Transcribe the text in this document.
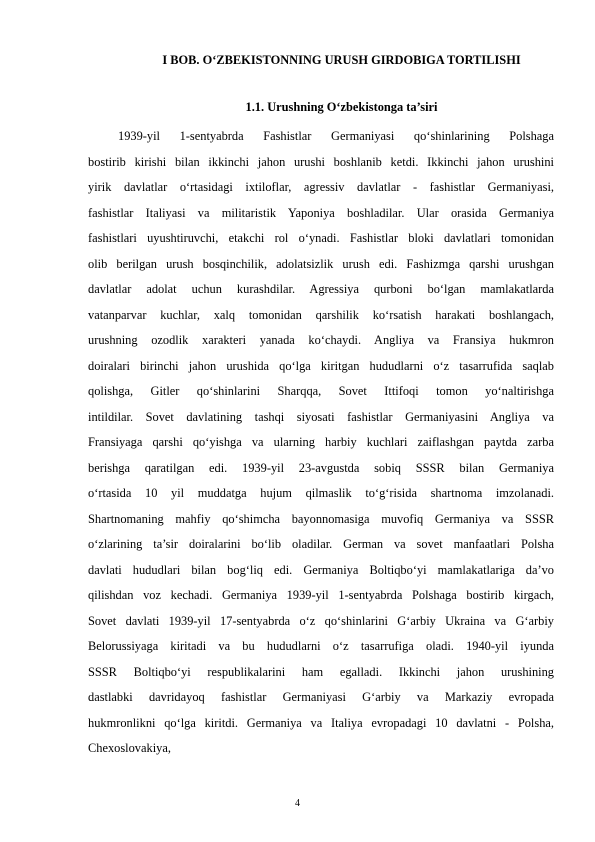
I BOB. O‘ZBEKISTONNING URUSH GIRDOBIGA TORTILISHI
1.1. Urushning O‘zbekistonga ta’siri
1939-yil 1-sentyabrda Fashistlar Germaniyasi qo‘shinlarining Polshaga
bostirib kirishi bilan ikkinchi jahon urushi boshlanib ketdi. Ikkinchi jahon urushini
yirik davlatlar o‘rtasidagi ixtiloflar, agressiv davlatlar - fashistlar Germaniyasi,
fashistlar Italiyasi va militaristik Yaponiya boshladilar. Ular orasida Germaniya
fashistlari uyushtiruvchi, etakchi rol o‘ynadi. Fashistlar bloki davlatlari tomonidan
olib berilgan urush bosqinchilik, adolatsizlik urush edi. Fashizmga qarshi urushgan
davlatlar adolat uchun kurashdilar. Agressiya qurboni bo‘lgan mamlakatlarda
vatanparvar kuchlar, xalq tomonidan qarshilik ko‘rsatish harakati boshlangach,
urushning ozodlik xarakteri yanada ko‘chaydi. Angliya va Fransiya hukmron
doiralari birinchi jahon urushida qo‘lga kiritgan hududlarni o‘z tasarrufida saqlab
qolishga, Gitler qo‘shinlarini Sharqqa, Sovet Ittifoqi tomon yo‘naltirishga
intildilar. Sovet davlatining tashqi siyosati fashistlar Germaniyasini Angliya va
Fransiyaga qarshi qo‘yishga va ularning harbiy kuchlari zaiflashgan paytda zarba
berishga qaratilgan edi. 1939-yil 23-avgustda sobiq SSSR bilan Germaniya
o‘rtasida 10 yil muddatga hujum qilmaslik to‘g‘risida shartnoma imzolanadi.
Shartnomaning mahfiy qo‘shimcha bayonnomasiga muvofiq Germaniya va SSSR
o‘zlarining ta’sir doiralarini bo‘lib oladilar. German va sovet manfaatlari Polsha
davlati hududlari bilan bog‘liq edi. Germaniya Boltiqbo‘yi mamlakatlariga da’vo
qilishdan voz kechadi. Germaniya 1939-yil 1-sentyabrda Polshaga bostirib kirgach,
Sovet davlati 1939-yil 17-sentyabrda o‘z qo‘shinlarini G‘arbiy Ukraina va G‘arbiy
Belorussiyaga kiritadi va bu hududlarni o‘z tasarrufiga oladi. 1940-yil iyunda
SSSR Boltiqbo‘yi respublikalarini ham egalladi. Ikkinchi jahon urushining
dastlabki davridayoq fashistlar Germaniyasi G‘arbiy va Markaziy evropada
hukmronlikni qo‘lga kiritdi. Germaniya va Italiya evropadagi 10 davlatni - Polsha,
Chexoslovakiya,
4
